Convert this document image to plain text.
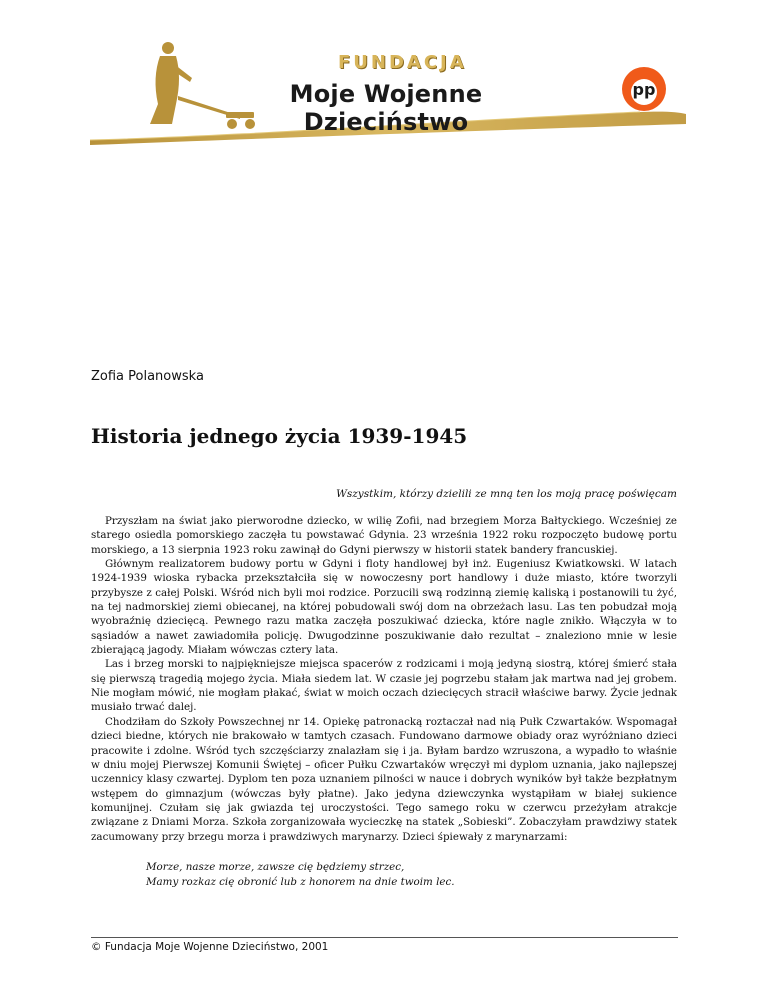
FUNDACJA
Moje Wojenne Dzieciństwo
pp
Zofia Polanowska
Historia jednego życia 1939-1945
Wszystkim, którzy dzielili ze mną ten los moją pracę poświęcam

Przyszłam na świat jako pierworodne dziecko, w wilię Zofii, nad brzegiem Morza Bałtyckiego. Wcześniej ze starego osiedla pomorskiego zaczęła tu powstawać Gdynia. 23 września 1922 roku rozpoczęto budowę portu morskiego, a 13 sierpnia 1923 roku zawinął do Gdyni pierwszy w historii statek bandery francuskiej.

Głównym realizatorem budowy portu w Gdyni i floty handlowej był inż. Eugeniusz Kwiatkowski. W latach 1924-1939 wioska rybacka przekształciła się w nowoczesny port handlowy i duże miasto, które tworzyli przybysze z całej Polski. Wśród nich byli moi rodzice. Porzucili swą rodzinną ziemię kaliską i postanowili tu żyć, na tej nadmorskiej ziemi obiecanej, na której pobudowali swój dom na obrzeżach lasu. Las ten pobudzał moją wyobraźnię dziecięcą. Pewnego razu matka zaczęła poszukiwać dziecka, które nagle znikło. Włączyła w to sąsiadów a nawet zawiadomiła policję. Dwugodzinne poszukiwanie dało rezultat – znaleziono mnie w lesie zbierającą jagody. Miałam wówczas cztery lata.

Las i brzeg morski to najpiękniejsze miejsca spacerów z rodzicami i moją jedyną siostrą, której śmierć stała się pierwszą tragedią mojego życia. Miała siedem lat. W czasie jej pogrzebu stałam jak martwa nad jej grobem. Nie mogłam mówić, nie mogłam płakać, świat w moich oczach dziecięcych stracił właściwe barwy. Życie jednak musiało trwać dalej.

Chodziłam do Szkoły Powszechnej nr 14. Opiekę patronacką roztaczał nad nią Pułk Czwartaków. Wspomagał dzieci biedne, których nie brakowało w tamtych czasach. Fundowano darmowe obiady oraz wyróżniano dzieci pracowite i zdolne. Wśród tych szczęściarzy znalazłam się i ja. Byłam bardzo wzruszona, a wypadło to właśnie w dniu mojej Pierwszej Komunii Świętej – oficer Pułku Czwartaków wręczył mi dyplom uznania, jako najlepszej uczennicy klasy czwartej. Dyplom ten poza uznaniem pilności w nauce i dobrych wyników był także bezpłatnym wstępem do gimnazjum (wówczas były płatne). Jako jedyna dziewczynka wystąpiłam w białej sukience komunijnej. Czułam się jak gwiazda tej uroczystości. Tego samego roku w czerwcu przeżyłam atrakcje związane z Dniami Morza. Szkoła zorganizowała wycieczkę na statek „Sobieski”. Zobaczyłam prawdziwy statek zacumowany przy brzegu morza i prawdziwych marynarzy. Dzieci śpiewały z marynarzami:

Morze, nasze morze, zawsze cię będziemy strzec,
Mamy rozkaz cię obronić lub z honorem na dnie twoim lec.
© Fundacja Moje Wojenne Dzieciństwo, 2001
